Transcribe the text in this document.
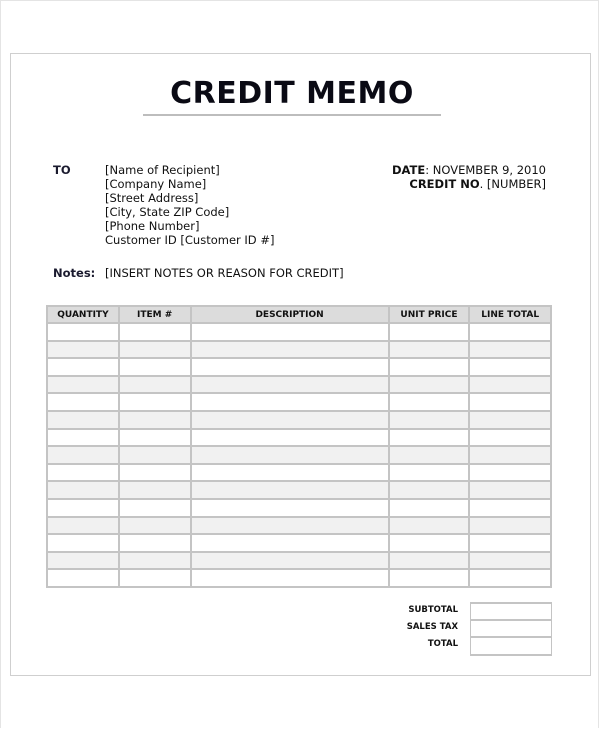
CREDIT MEMO
TO	[Name of Recipient]
[Company Name]
[Street Address]
[City, State ZIP Code]
[Phone Number]
Customer ID [Customer ID #]
DATE: NOVEMBER 9, 2010
CREDIT NO. [NUMBER]
Notes: [INSERT NOTES OR REASON FOR CREDIT]
QUANTITY	ITEM #	DESCRIPTION	UNIT PRICE	LINE TOTAL

SUBTOTAL
SALES TAX
TOTAL
